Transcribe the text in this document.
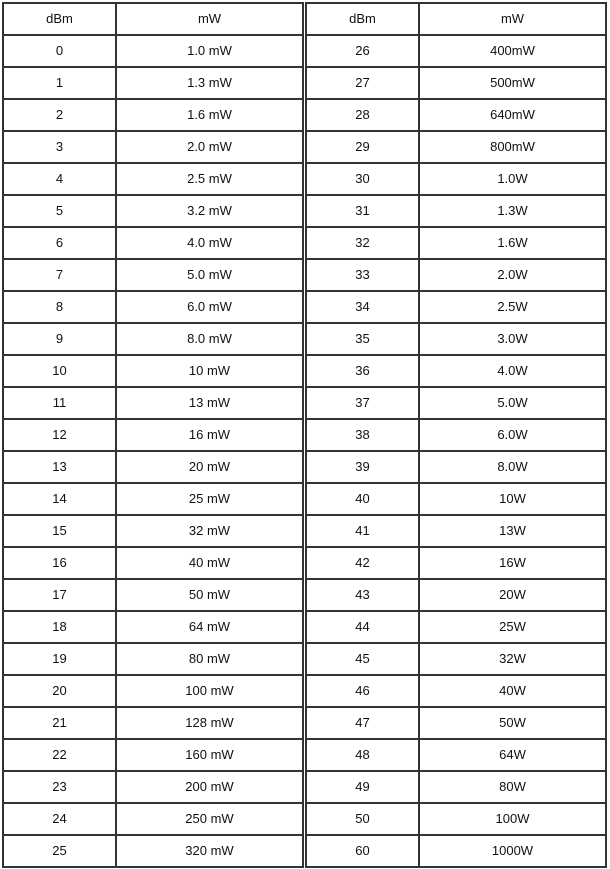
dBm	mW
0	1.0 mW
1	1.3 mW
2	1.6 mW
3	2.0 mW
4	2.5 mW
5	3.2 mW
6	4.0 mW
7	5.0 mW
8	6.0 mW
9	8.0 mW
10	10 mW
11	13 mW
12	16 mW
13	20 mW
14	25 mW
15	32 mW
16	40 mW
17	50 mW
18	64 mW
19	80 mW
20	100 mW
21	128 mW
22	160 mW
23	200 mW
24	250 mW
25	320 mW
dBm	mW
26	400mW
27	500mW
28	640mW
29	800mW
30	1.0W
31	1.3W
32	1.6W
33	2.0W
34	2.5W
35	3.0W
36	4.0W
37	5.0W
38	6.0W
39	8.0W
40	10W
41	13W
42	16W
43	20W
44	25W
45	32W
46	40W
47	50W
48	64W
49	80W
50	100W
60	1000W
